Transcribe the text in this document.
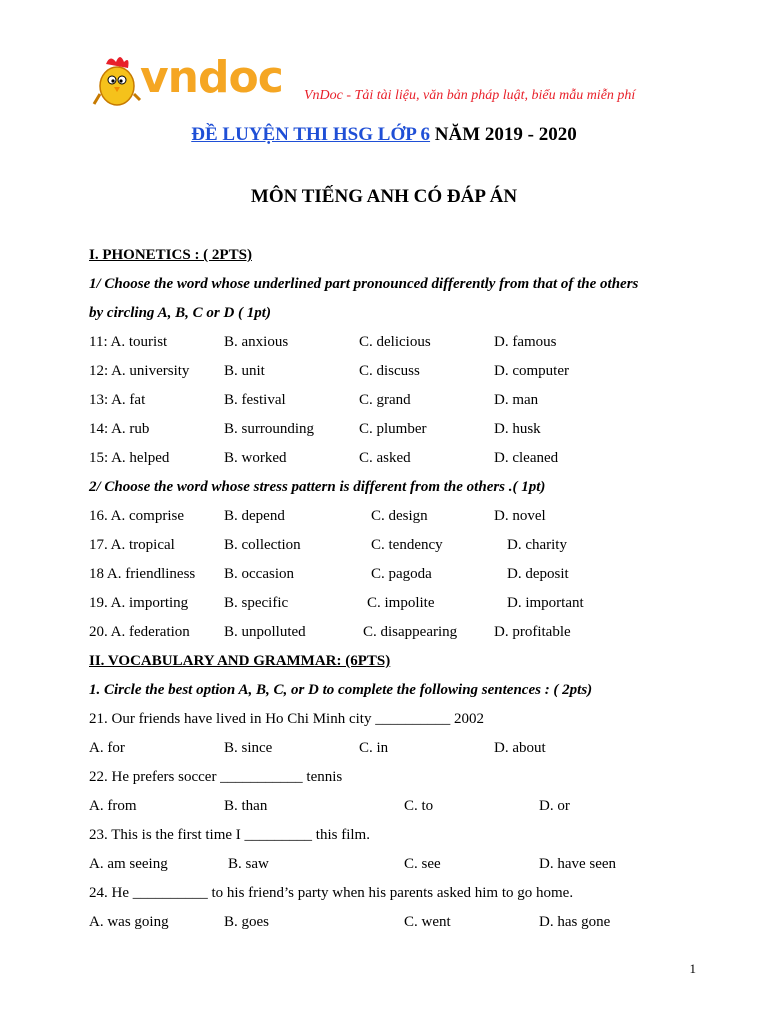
vndoc VnDoc - Tải tài liệu, văn bản pháp luật, biểu mẫu miễn phí
ĐỀ LUYỆN THI HSG LỚP 6 NĂM 2019 - 2020
MÔN TIẾNG ANH CÓ ĐÁP ÁN
I. PHONETICS : ( 2PTS)
1/ Choose the word whose underlined part pronounced differently from that of the others
by circling A, B, C or D ( 1pt)
11: A. tourist	B. anxious	C. delicious	D. famous
12: A. university B. unit	C. discuss	D. computer
13: A. fat	B. festival	C. grand	D. man
14: A. rub	B. surrounding	C. plumber	D. husk
15: A. helped	B. worked	C. asked	D. cleaned
2/ Choose the word whose stress pattern is different from the others .( 1pt)
16. A. comprise	B. depend	C. design	D. novel
17. A. tropical	B. collection	C. tendency	D. charity
18 A. friendliness B. occasion	C. pagoda	D. deposit
19. A. importing B. specific	C. impolite	D. important
20. A. federation B. unpolluted	C. disappearing D. profitable
II. VOCABULARY AND GRAMMAR: (6PTS)
1. Circle the best option A, B, C, or D to complete the following sentences : ( 2pts)
21. Our friends have lived in Ho Chi Minh city __________ 2002
A. for	B. since	C. in	D. about
22. He prefers soccer ___________ tennis
A. from	B. than	C. to	D. or
23. This is the first time I _________ this film.
A. am seeing	B. saw	C. see	D. have seen
24. He __________ to his friend’s party when his parents asked him to go home.
A. was going	B. goes	C. went	D. has gone
1
